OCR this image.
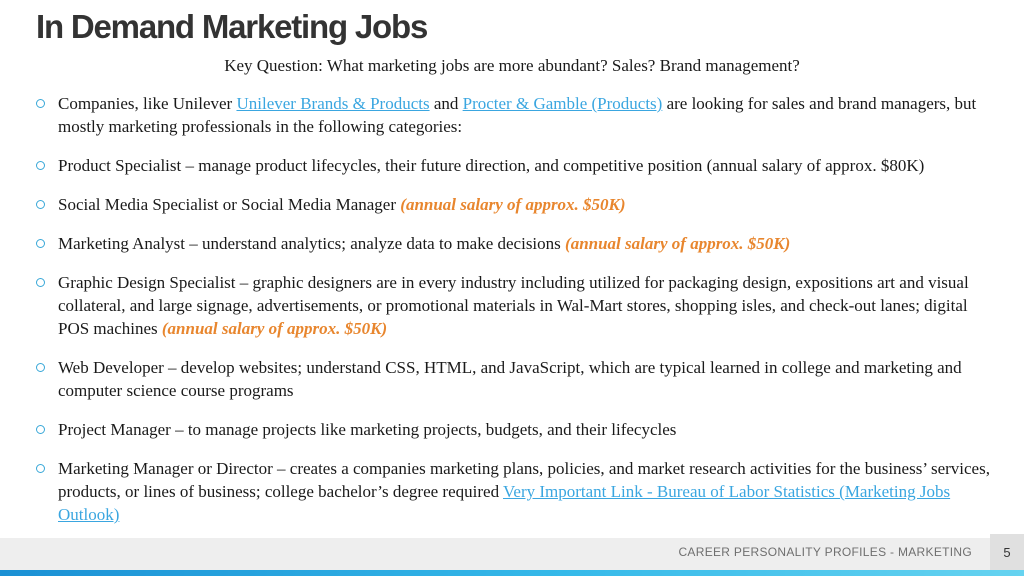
In Demand Marketing Jobs
Key Question: What marketing jobs are more abundant? Sales? Brand management?
Companies, like Unilever Unilever Brands & Products and Procter & Gamble (Products) are looking for sales and brand managers, but mostly marketing professionals in the following categories:
Product Specialist – manage product lifecycles, their future direction, and competitive position (annual salary of approx. $80K)
Social Media Specialist or Social Media Manager (annual salary of approx. $50K)
Marketing Analyst – understand analytics; analyze data to make decisions (annual salary of approx. $50K)
Graphic Design Specialist – graphic designers are in every industry including utilized for packaging design, expositions art and visual collateral, and large signage, advertisements, or promotional materials in Wal-Mart stores, shopping isles, and check-out lanes; digital POS machines (annual salary of approx. $50K)
Web Developer – develop websites; understand CSS, HTML, and JavaScript, which are typical learned in college and marketing and computer science course programs
Project Manager – to manage projects like marketing projects, budgets, and their lifecycles
Marketing Manager or Director – creates a companies marketing plans, policies, and market research activities for the business’ services, products, or lines of business; college bachelor’s degree required Very Important Link - Bureau of Labor Statistics (Marketing Jobs Outlook)
CAREER PERSONALITY PROFILES - MARKETING	5
